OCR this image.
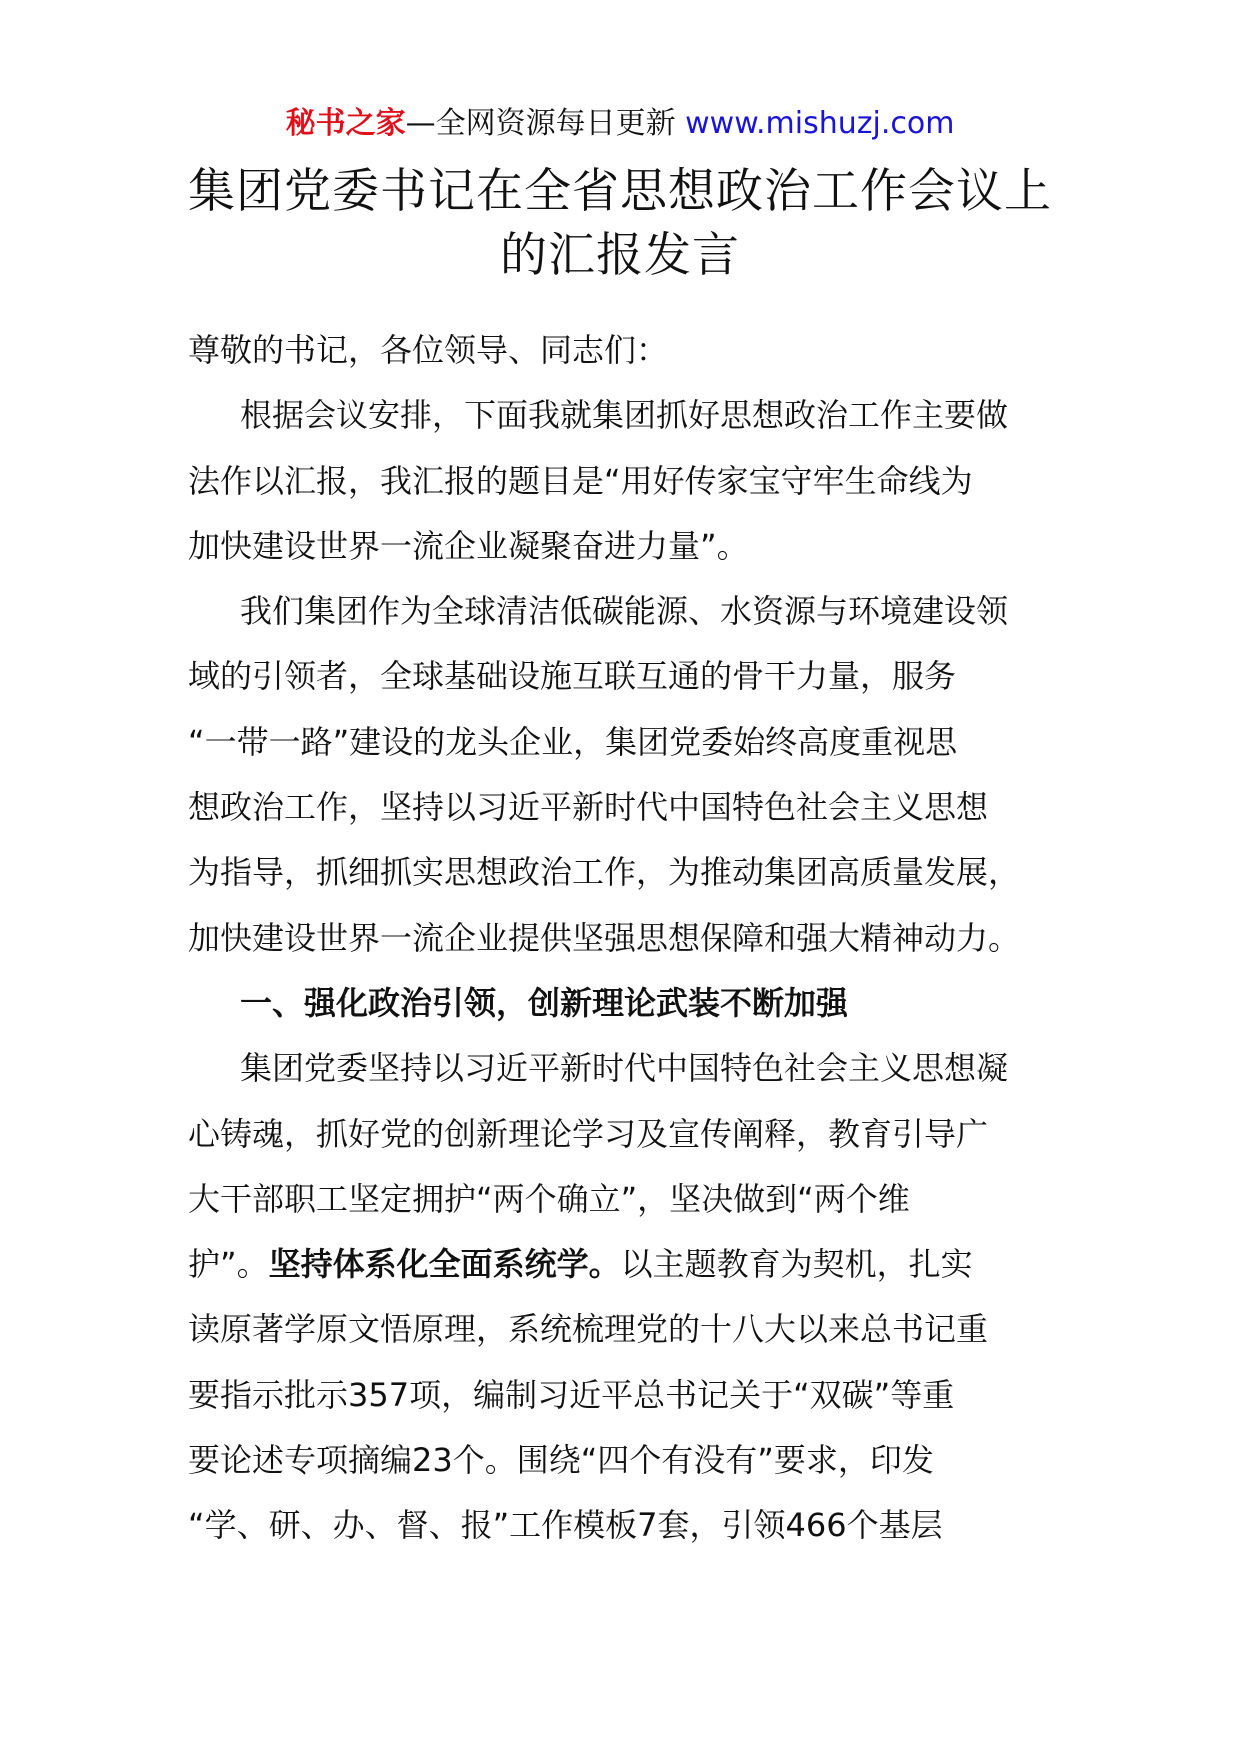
秘书之家—全网资源每日更新 www.mishuzj.com
集团党委书记在全省思想政治工作会议上
的汇报发言
尊敬的书记，各位领导、同志们：
根据会议安排，下面我就集团抓好思想政治工作主要做
法作以汇报，我汇报的题目是“用好传家宝守牢生命线为
加快建设世界一流企业凝聚奋进力量”。
我们集团作为全球清洁低碳能源、水资源与环境建设领
域的引领者，全球基础设施互联互通的骨干力量，服务
“一带一路”建设的龙头企业，集团党委始终高度重视思
想政治工作，坚持以习近平新时代中国特色社会主义思想
为指导，抓细抓实思想政治工作，为推动集团高质量发展，
加快建设世界一流企业提供坚强思想保障和强大精神动力。
一、强化政治引领，创新理论武装不断加强
集团党委坚持以习近平新时代中国特色社会主义思想凝
心铸魂，抓好党的创新理论学习及宣传阐释，教育引导广
大干部职工坚定拥护“两个确立”，坚决做到“两个维
护”。坚持体系化全面系统学。以主题教育为契机，扎实
读原著学原文悟原理，系统梳理党的十八大以来总书记重
要指示批示357项，编制习近平总书记关于“双碳”等重
要论述专项摘编23个。围绕“四个有没有”要求，印发
“学、研、办、督、报”工作模板7套，引领466个基层
